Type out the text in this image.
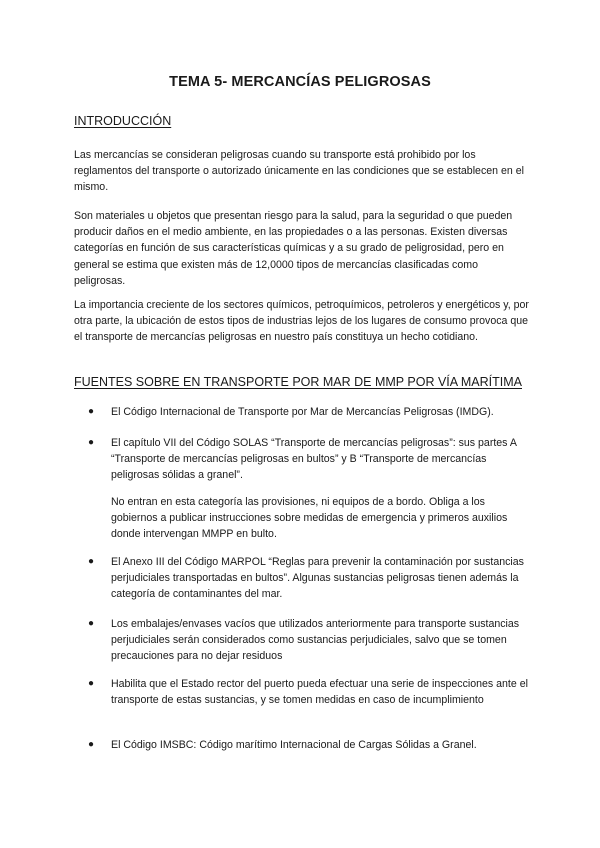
TEMA 5- MERCANCÍAS PELIGROSAS
INTRODUCCIÓN

Las mercancías se consideran peligrosas cuando su transporte está prohibido por los reglamentos del transporte o autorizado únicamente en las condiciones que se establecen en el mismo.

Son materiales u objetos que presentan riesgo para la salud, para la seguridad o que pueden producir daños en el medio ambiente, en las propiedades o a las personas. Existen diversas categorías en función de sus características químicas y a su grado de peligrosidad, pero en general se estima que existen más de 12,0000 tipos de mercancías clasificadas como peligrosas.

La importancia creciente de los sectores químicos, petroquímicos, petroleros y energéticos y, por otra parte, la ubicación de estos tipos de industrias lejos de los lugares de consumo provoca que el transporte de mercancías peligrosas en nuestro país constituya un hecho cotidiano.

FUENTES SOBRE EN TRANSPORTE POR MAR DE MMP POR VÍA MARÍTIMA
● El Código Internacional de Transporte por Mar de Mercancías Peligrosas (IMDG).
● El capítulo VII del Código SOLAS “Transporte de mercancías peligrosas”: sus partes A “Transporte de mercancías peligrosas en bultos” y B “Transporte de mercancías peligrosas sólidas a granel”.

No entran en esta categoría las provisiones, ni equipos de a bordo. Obliga a los gobiernos a publicar instrucciones sobre medidas de emergencia y primeros auxilios donde intervengan MMPP en bulto.

● El Anexo III del Código MARPOL “Reglas para prevenir la contaminación por sustancias perjudiciales transportadas en bultos”. Algunas sustancias peligrosas tienen además la categoría de contaminantes del mar.
● Los embalajes/envases vacíos que utilizados anteriormente para transporte sustancias perjudiciales serán considerados como sustancias perjudiciales, salvo que se tomen precauciones para no dejar residuos
● Habilita que el Estado rector del puerto pueda efectuar una serie de inspecciones ante el transporte de estas sustancias, y se tomen medidas en caso de incumplimiento
● El Código IMSBC: Código marítimo Internacional de Cargas Sólidas a Granel.
